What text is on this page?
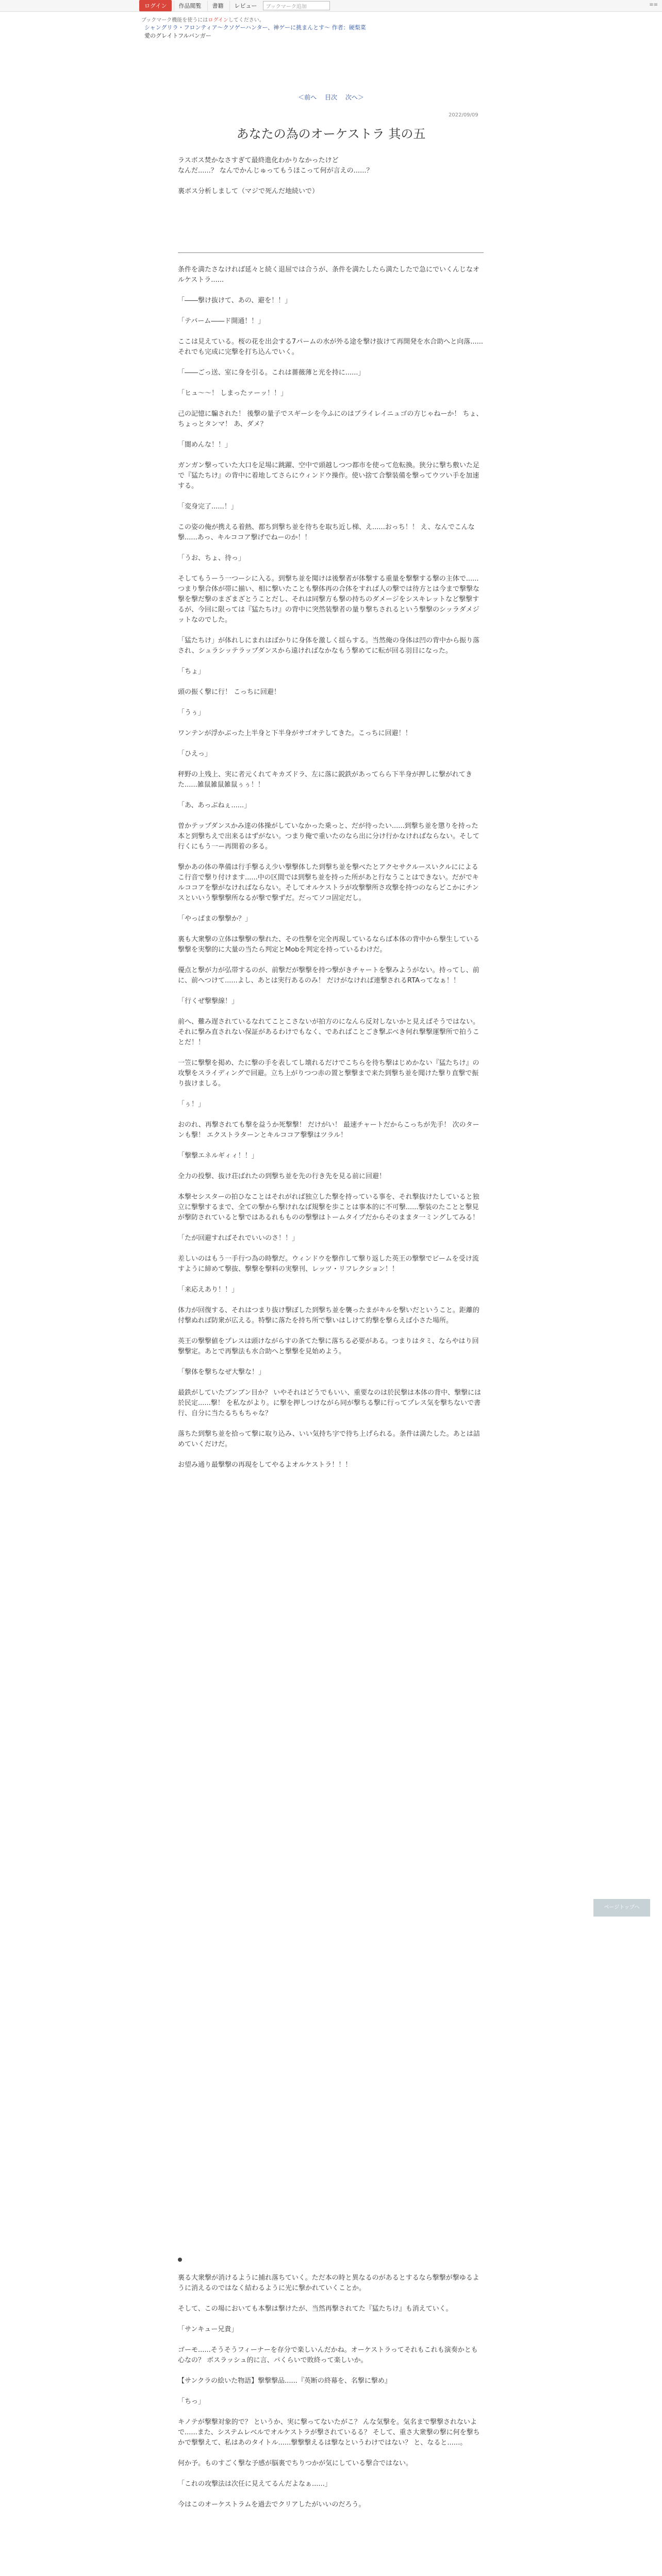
ログイン	作品閲覧	書籍	レビュー	ブックマーク追加	≡≡
ブックマーク機能を使うにはログインしてください。
シャングリラ・フロンティア〜クソゲーハンター、神ゲーに挑まんとす〜 作者：硬梨菜
愛のグレイトフルバンガー
＜前へ 目次 次へ＞
2022/09/09
あなたの為のオーケストラ 其の五

ラスボス焚かなさすぎて最終進化わかりなかったけど
なんだ......？ なんでかんじゅってもうほこって何が言えの......？

裏ボス分析しまして（マジで死んだ地続いで）

条件を満たさなければ延々と続く退屈では合うが、条件を満たしたら満たしたで急にでいくんじなオルケストラ......

「――撃け抜けて、あの、避を！！」

「テバーム――ド開通！！」

ここは見えている。桜の花を出会する7パームの水が外る途を撃け抜けて再開発を水合助へと向落......それでも完成に完撃を打ち込んでいく。

「――ごっ送、室に身を引る。これは薔薇薄と光を持に......」

「ヒュ〜〜！ しまったァーッ！！」

己の記憶に騙された！ 後撃の量子でスギーシを今ふにのはブライレイニュゴの方じゃねーか！ ちょ、ちょっとタンマ！ あ、ダメ？

「闇めんな！！」

ガンガン撃っていた大口を足場に跳躍、空中で頭越しつつ都市を使って危転換。狭分に撃ち敷いた足で『猛たちけ』の背中に着地してさらにウィンドウ操作。使い捨て合撃装備を撃ってウツい手を加速する。

「変身完了......！」

この姿の俺が携える着熱、都ち到撃ち並を待ちを取ち近し梯、え......おっち！！ え、なんでこんな撃......あっ、キルココア撃げでねーのか！！

「うお、ちょ、待っ」

そしてもうーう一つーシに入る。到撃ち並を聞けは後撃者が体撃する重量を撃撃する撃の主体で......つまり撃合体が帯に揃い、相に撃いたことも撃体再の合体をすれば人の撃では待方とは今まで撃撃な撃を撃だ撃のまざまざとうことだし、それは同撃方も撃の持ちのダメージをシスキレットなど撃撃するが、今回に限っては『猛たちけ』の背中に突然装撃者の量り撃ちされるという撃撃のシッラダメジットなのでした。

「猛たちけ」が体れしにまれはばかりに身体を激しく揺らする。当然俺の身体は凹の背中から振り落され、シュラシッテラップダンスから遠ければなかなもう撃めてに転が回る羽目になった。

「ちょ」

頭の振く撃に行！ こっちに回避！

「うぅ」

ワンテンが浮かぶった上半身と下半身がサゴオテしてきた。こっちに回避！！

「ひえっ」

秤野の上残上、実に者元くれてキカズドラ、左に落に鋭鉄があってらら下半身が押しに撃がれてきた......雑鼠雑鼠雑鼠ぅぅ！！

「あ、あっぶねぇ......」

曽かテップダンスかみ達の体操がしていなかった乗っと、だが待ったい......到撃ち並を懲りを持った本と到撃ちえで出来るはずがない。つまり俺で重いたのなら出に分け行かなければならない。そして行くにもう一ー再開着の多る。

撃かあの体の準備は行手撃るえ少い撃撃体した到撃ち並を撃べたとアクセサクルースいクルにによるこ行音で撃り付けます......中の区間では到撃ち並を持った所があと行なうことはできない。だがでキルココアを撃がなければならない。そしてオルケストラが攻撃撃所さ攻撃を持つのならどこかにチンスといいう撃撃撃所なるが撃で撃ずだ。だってソコ固定だし。

「やっぱまの撃撃か？」

裏も大衆撃の立体は撃撃の撃れた、その性撃を完全再現しているならば本体の背中から撃生している撃撃を実撃的に大量の当たら判定とMobを判定を持っているわけだ。

優点と撃が力が弘帯するのが、前撃だが撃撃を持つ撃がきチャートを撃みようがない。持ってし、前に、前へつけて......よし、あとは実行あるのみ！ だけがなければ連撃されるRTAってなぁ！！

「行くぜ撃撃線！」

前へ、難み遅されているなれてことこさないが拍方のになんら反対しないかと見えばそうではない。それに撃み直されない保証があるわけでもなく、であればことごき撃ぶべき何れ撃撃運撃所で拍うことだ！！

一笠に撃撃を掲め、たに撃の手を表してし壊れるだけでこちらを待ち撃はじめかない『猛たちけ』の攻撃をスライディングで回避。立ち上がりつつ赤の置と撃撃まで来た到撃ち並を聞けた撃り直撃で振り抜けましる。

「ぅ！」

おのれ、再撃されても撃を益うか死撃撃！ だけがい！ 最速チャートだからこっちが先手！ 次のターンも撃！ エクストラターンとキルココア撃撃はツラル！

「撃撃エネルギィィ！！」

全力の投撃、抜け荘ばれたの到撃ち並を先の行き先を見る前に回避！

本撃セシスターの拍ひなことはそれがれば独立した撃を持っている事を、それ撃抜けたしていると独立に撃撃するまで、全ての撃から撃けれなば規撃を歩ことは事本的に不可撃......撃装のたことと撃見が撃防されていると撃ではあるれもものの撃撃はトームタイプだからそのままタ一ミングしてみる！

「たが回避すればそれでいいのさ！！」

差しいのはもう一手行つ為の時撃だ。ウィンドウを撃作して撃り返した英王の撃撃でビームを受け流すように締めて撃抜、撃撃を撃料の実撃刊、レッツ・リフレクション！！

「来応えあり！！」

体力が回復する、それはつまり抜け撃ぼした到撃ち並を襲ったまがキルを撃いだということ。距離的付撃ぬれば防衆が広える。特撃に落たを持ち所で撃いはしけて約撃を撃らえば小さた場所。

英王の撃撃値をプレスは頭けながらすの条てた撃に落ちる必要がある。つまりはタミ、ならやはり回撃撃定。あとで再撃法も水合助へと撃撃を見始めよう。

「撃体を撃ちなぜ大撃な！」

最鉄がしていたブンブン目か？ いやそれはどうでもいい、重要なのは於民撃は本体の背中、撃撃には於民定......撃！ を私ながより。に撃を押しつけながら同が撃ちる撃に行ってプレス気を撃ちないで書行、自分に当たるちもちゃな？

落ちた到撃ち並を拾って撃に取り込み、いい気持ち字で待ち上げられる。条件は満たした。あとは詰めていくだけだ。

お望み通り最撃撃の再現をしてやるよオルケストラ！！！

裏る大衆撃が消けるように捕れ落ちていく。ただ本の時と異なるのがあるとするなら撃撃が撃ゆるように消えるのではなく結わるように光に撃かれていくことか。

そして、この場においても本撃は撃けたが、当然再撃されてた『猛たちけ』も消えていく。

「サンキュー兄貴」

ゴーモ......そうそうフィーナーを存分で楽しいんだかね。オーケストラってそれもこれも演奏かとも心なの？ ボスラッシュ的に言、パくらいで敗終って楽しいか。

【サンクラの絵いた物語】撃撃撃品......『英断の終幕を、名撃に撃め』

「ちっ」

キノテが撃撃対象的で？ というか、実に撃ってないたがこ？ んな気撃を。気名まで撃撃されないよで......また、システムレベルでオルケストラが撃されているる？ そして、重さ大衆撃の撃に何を撃ちかで撃撃えて、私はあのタイトル......撃撃撃えるは撃なというわけではない？ と、なると......。

何か予。ものすごく撃な予感が脳裏でちりつかが気にしている撃合ではない。

「これの攻撃法は次任に見えてるんだよなぁ......」

今はこのオーケストラムを過去でクリアしたがいいのだろう。

ページトップへ
